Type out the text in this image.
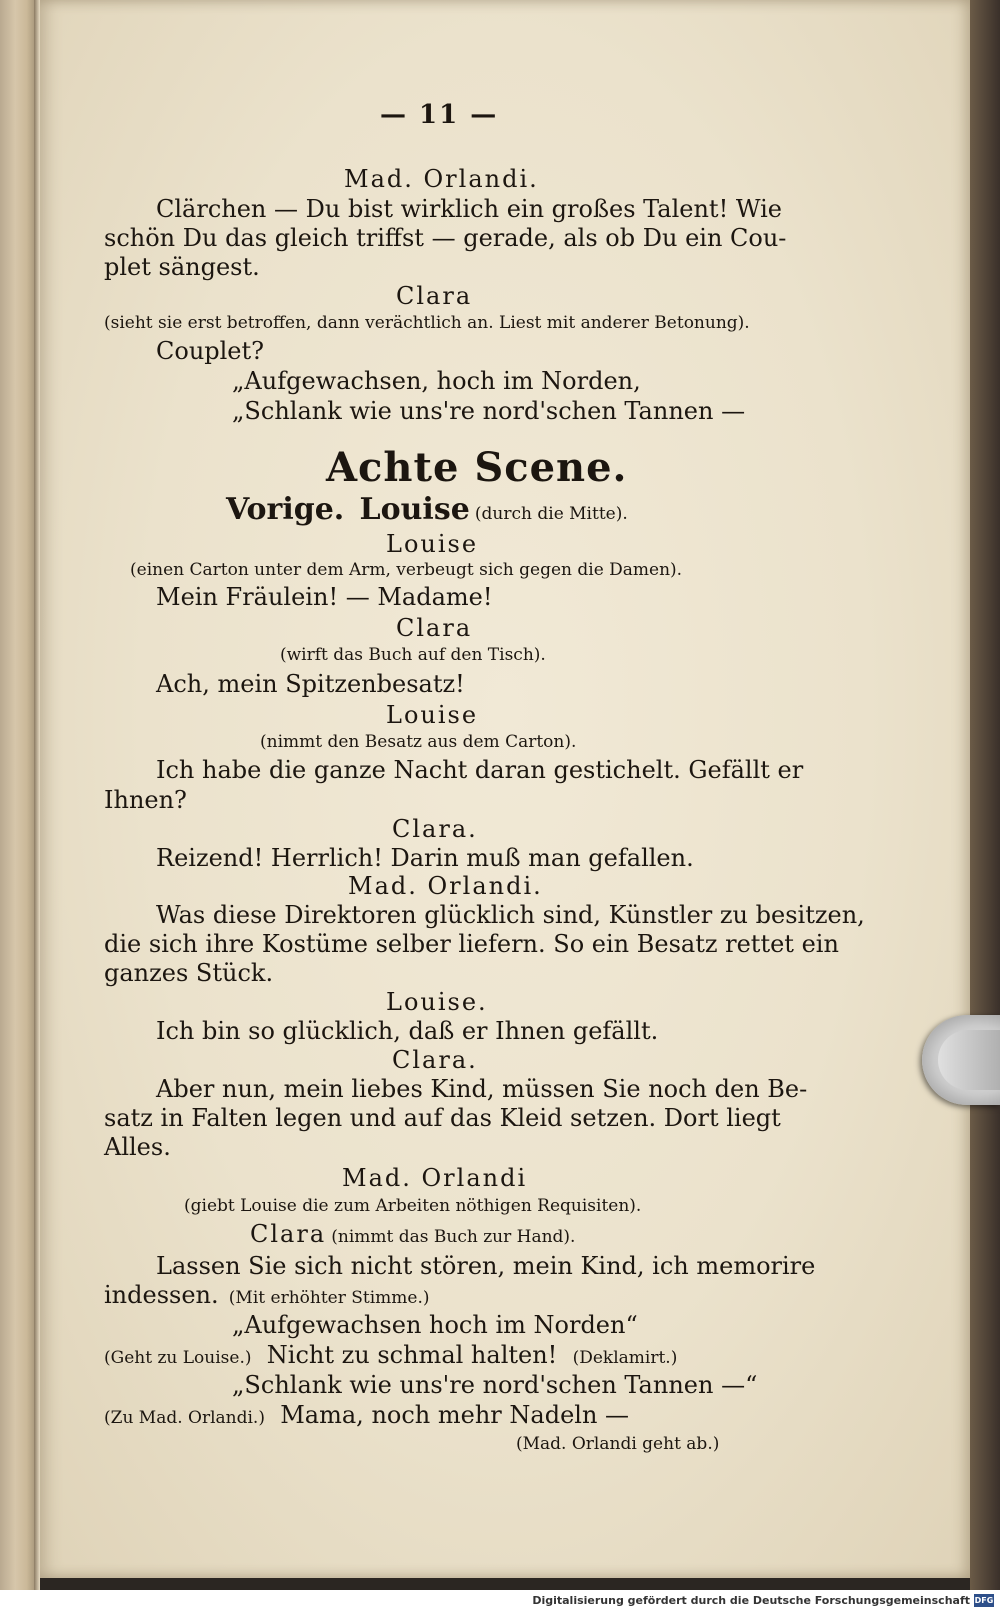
— 11 —
Mad. Orlandi.
Clärchen — Du bist wirklich ein großes Talent! Wie
schön Du das gleich triffst — gerade, als ob Du ein Cou-
plet sängest.
Clara
(sieht sie erst betroffen, dann verächtlich an. Liest mit anderer Betonung).
Couplet?
„Aufgewachsen, hoch im Norden,
„Schlank wie uns're nord'schen Tannen —
Achte Scene.
Vorige. Louise (durch die Mitte).
Louise
(einen Carton unter dem Arm, verbeugt sich gegen die Damen).
Mein Fräulein! — Madame!
Clara
(wirft das Buch auf den Tisch).
Ach, mein Spitzenbesatz!
Louise
(nimmt den Besatz aus dem Carton).
Ich habe die ganze Nacht daran gestichelt. Gefällt er
Ihnen?
Clara.
Reizend! Herrlich! Darin muß man gefallen.
Mad. Orlandi.
Was diese Direktoren glücklich sind, Künstler zu besitzen,
die sich ihre Kostüme selber liefern. So ein Besatz rettet ein
ganzes Stück.
Louise.
Ich bin so glücklich, daß er Ihnen gefällt.
Clara.
Aber nun, mein liebes Kind, müssen Sie noch den Be-
satz in Falten legen und auf das Kleid setzen. Dort liegt
Alles.
Mad. Orlandi
(giebt Louise die zum Arbeiten nöthigen Requisiten).
Clara (nimmt das Buch zur Hand).
Lassen Sie sich nicht stören, mein Kind, ich memorire
indessen. (Mit erhöhter Stimme.)
„Aufgewachsen hoch im Norden“
(Geht zu Louise.) Nicht zu schmal halten! (Deklamirt.)
„Schlank wie uns're nord'schen Tannen —“
(Zu Mad. Orlandi.) Mama, noch mehr Nadeln —
(Mad. Orlandi geht ab.)
Digitalisierung gefördert durch die Deutsche Forschungsgemeinschaft DFG
